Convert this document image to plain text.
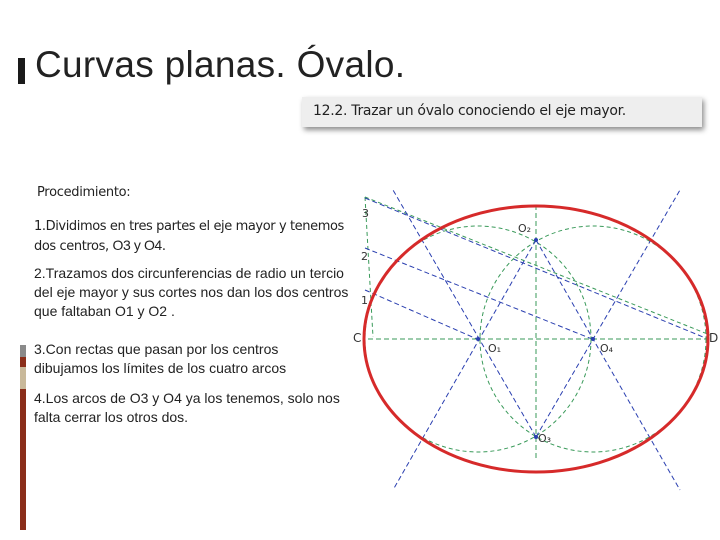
Curvas planas. Óvalo.
12.2. Trazar un óvalo conociendo el eje mayor.
Procedimiento:
1.Dividimos en tres partes el eje mayor y tenemos
dos centros, O3 y O4.
2.Trazamos dos circunferencias de radio un tercio del eje mayor y sus cortes nos dan los dos centros que faltaban O1 y O2 .
3.Con rectas que pasan por los centros dibujamos los límites de los cuatro arcos
4.Los arcos de O3 y O4 ya los tenemos, solo nos falta cerrar los otros dos.
C	D
1
2
3
O₁	O₄
O₂
O₃
